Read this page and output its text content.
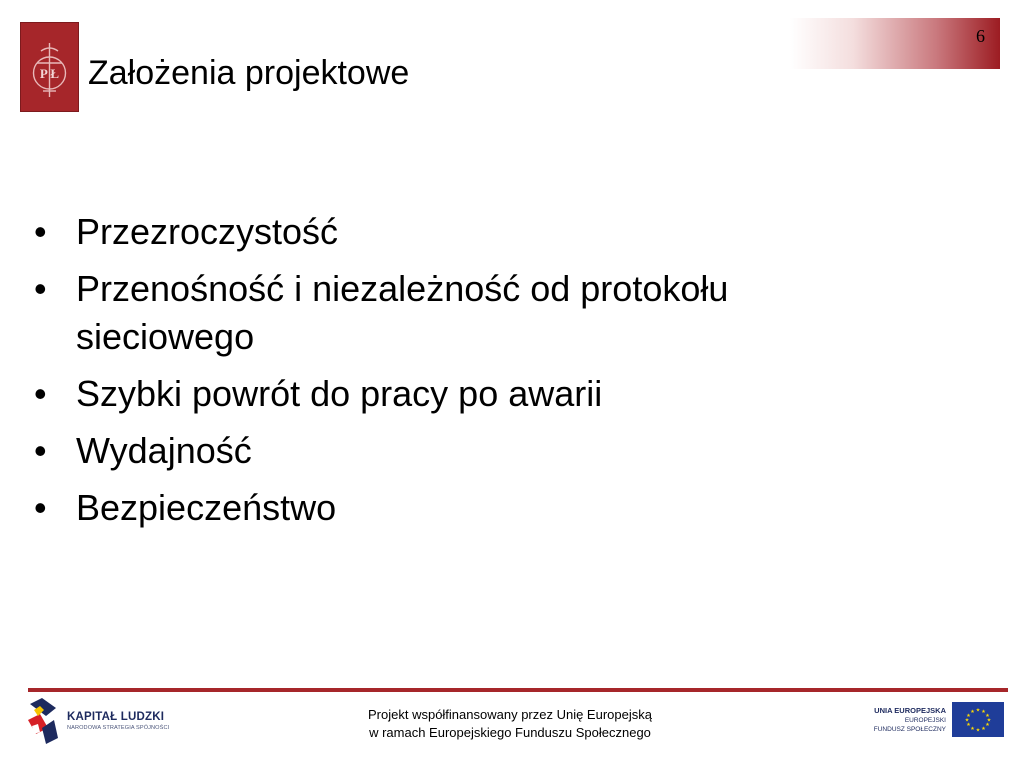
P Ł Założenia projektowe
6
• Przezroczystość
• Przenośność i niezależność od protokołu sieciowego
• Szybki powrót do pracy po awarii
• Wydajność
• Bezpieczeństwo
KAPITAŁ LUDZKI
NARODOWA STRATEGIA SPÓJNOŚCI
Projekt współfinansowany przez Unię Europejską
w ramach Europejskiego Funduszu Społecznego
UNIA EUROPEJSKA
EUROPEJSKI
FUNDUSZ SPOŁECZNY
★ ★
★
★
★
★
★
★
★
★
★
★
